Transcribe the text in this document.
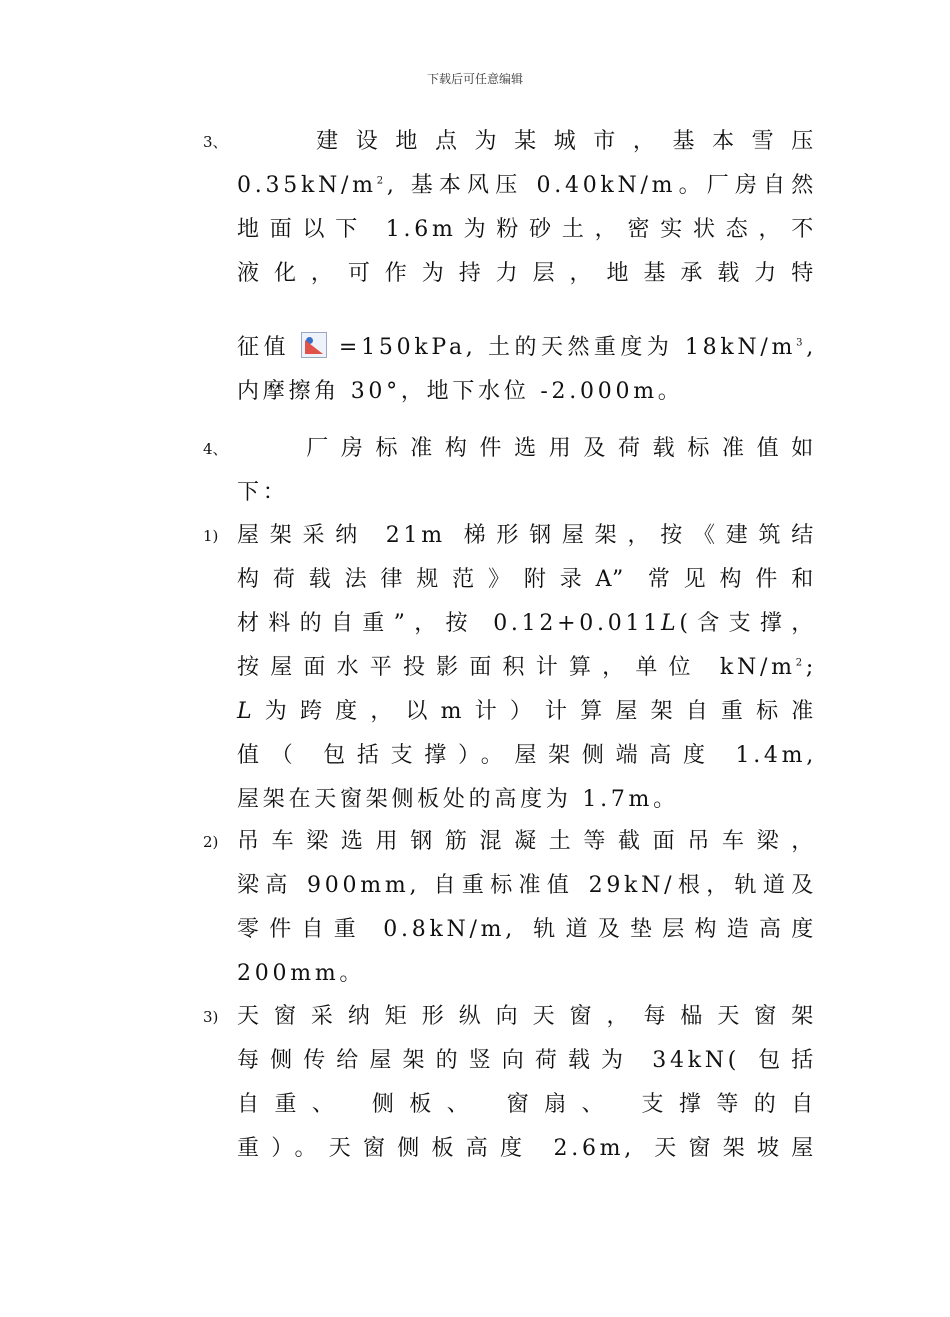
下载后可任意编辑
3、 　　建设地点为某城市，基本雪压
$0.35kN/m^2$, 基本风压 0.40kN/m。厂房自然
地面以下 1.6m为粉砂土，密实状态，不
液化，可作为持力层，地基承载力特
征值
=150kPa, 土的天然重度为 $18kN/m^3$,
内摩擦角 30°，地下水位 -2.000m。
4、 　　厂房标准构件选用及荷载标准值如
下：
1) 屋架采纳 21m 梯形钢屋架，按《建筑结
构荷载法律规范》附录A” 常见构件和
材料的自重”，按 0.12+0.011L(含支撑，
按屋面水平投影面积计算，单位 $kN/m^2$;
L为跨度，以m计）计算屋架自重标准
值（ 包括支撑）。屋架侧端高度 1.4m,
屋架在天窗架侧板处的高度为 1.7m。
2) 吊车梁选用钢筋混凝土等截面吊车梁，
梁高 900mm, 自重标准值 29kN/根，轨道及
零件自重 0.8kN/m, 轨道及垫层构造高度
200mm。
3) 天窗采纳矩形纵向天窗，每榀天窗架
每侧传给屋架的竖向荷载为 34kN( 包括
自重、 侧板、 窗扇、 支撑等的自
重）。天窗侧板高度 2.6m, 天窗架坡屋
